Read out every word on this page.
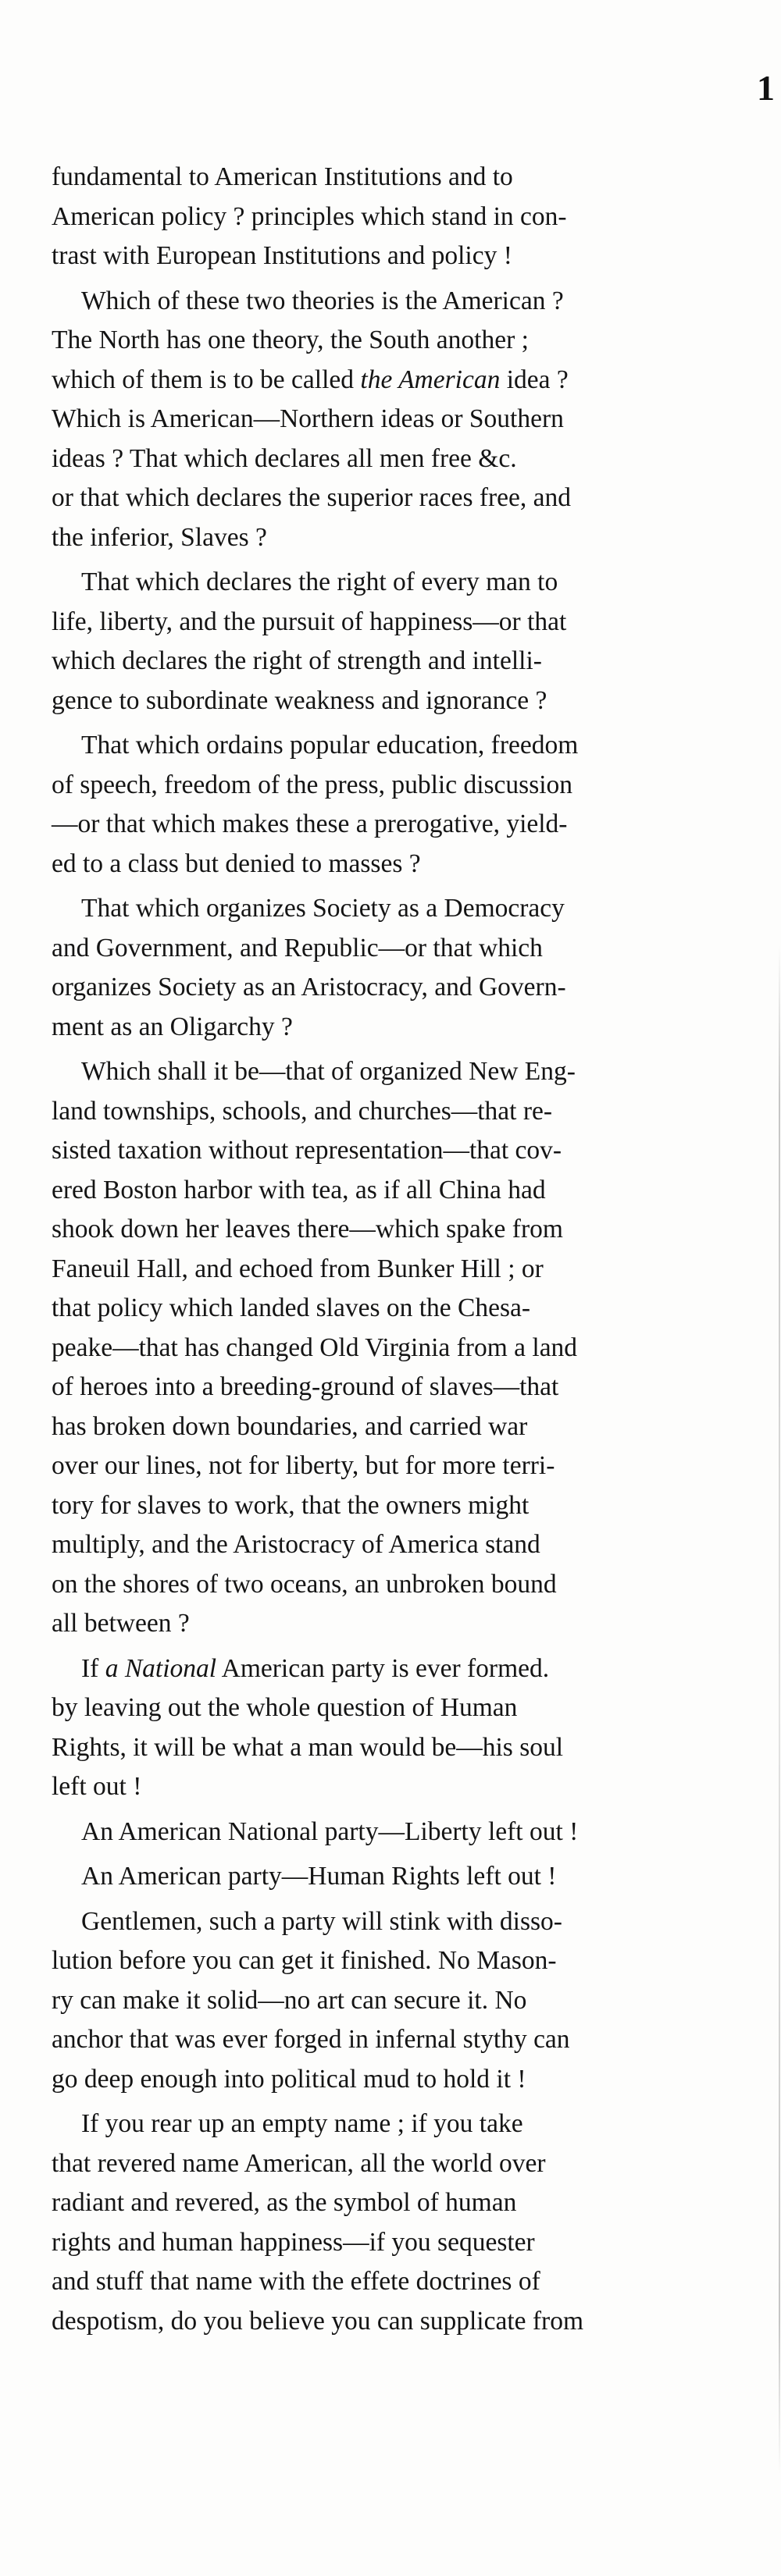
1

fundamental to American Institutions and to
American policy ? principles which stand in con-
trast with European Institutions and policy !

Which of these two theories is the American ?
The North has one theory, the South another ;
which of them is to be called the American idea ?
Which is American—Northern ideas or Southern
ideas ? That which declares all men free &c.
or that which declares the superior races free, and
the inferior, Slaves ?

That which declares the right of every man to
life, liberty, and the pursuit of happiness—or that
which declares the right of strength and intelli-
gence to subordinate weakness and ignorance ?

That which ordains popular education, freedom
of speech, freedom of the press, public discussion
—or that which makes these a prerogative, yield-
ed to a class but denied to masses ?

That which organizes Society as a Democracy
and Government, and Republic—or that which
organizes Society as an Aristocracy, and Govern-
ment as an Oligarchy ?

Which shall it be—that of organized New Eng-
land townships, schools, and churches—that re-
sisted taxation without representation—that cov-
ered Boston harbor with tea, as if all China had
shook down her leaves there—which spake from
Faneuil Hall, and echoed from Bunker Hill ; or
that policy which landed slaves on the Chesa-
peake—that has changed Old Virginia from a land
of heroes into a breeding-ground of slaves—that
has broken down boundaries, and carried war
over our lines, not for liberty, but for more terri-
tory for slaves to work, that the owners might
multiply, and the Aristocracy of America stand
on the shores of two oceans, an unbroken bound
all between ?

If a National American party is ever formed.
by leaving out the whole question of Human
Rights, it will be what a man would be—his soul
left out !

An American National party—Liberty left out !

An American party—Human Rights left out !

Gentlemen, such a party will stink with disso-
lution before you can get it finished. No Mason-
ry can make it solid—no art can secure it. No
anchor that was ever forged in infernal stythy can
go deep enough into political mud to hold it !

If you rear up an empty name ; if you take
that revered name American, all the world over
radiant and revered, as the symbol of human
rights and human happiness—if you sequester
and stuff that name with the effete doctrines of
despotism, do you believe you can supplicate from
